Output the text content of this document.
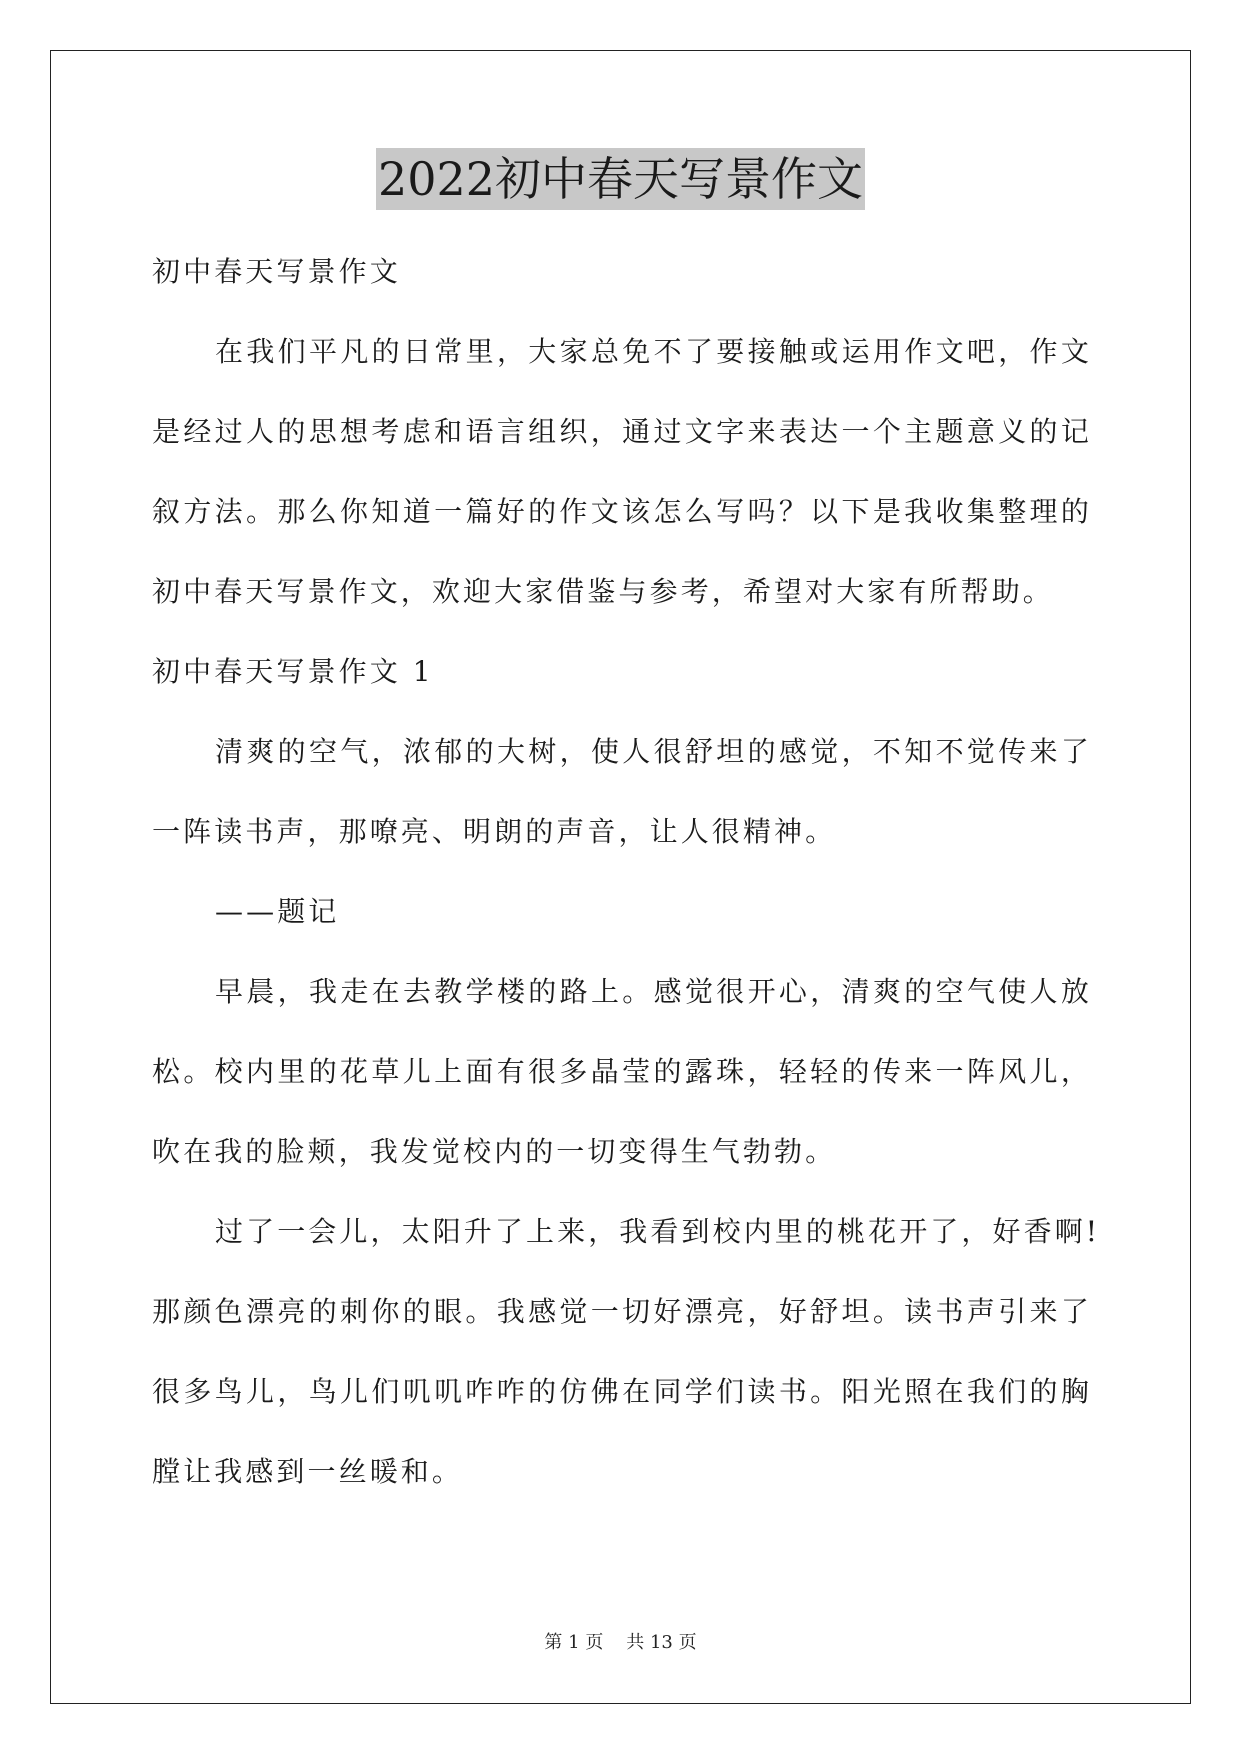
2022初中春天写景作文
初中春天写景作文
在我们平凡的日常里，大家总免不了要接触或运用作文吧，作文
是经过人的思想考虑和语言组织，通过文字来表达一个主题意义的记
叙方法。那么你知道一篇好的作文该怎么写吗？以下是我收集整理的
初中春天写景作文，欢迎大家借鉴与参考，希望对大家有所帮助。
初中春天写景作文 1
清爽的空气，浓郁的大树，使人很舒坦的感觉，不知不觉传来了
一阵读书声，那嘹亮、明朗的声音，让人很精神。
——题记
早晨，我走在去教学楼的路上。感觉很开心，清爽的空气使人放
松。校内里的花草儿上面有很多晶莹的露珠，轻轻的传来一阵风儿，
吹在我的脸颊，我发觉校内的一切变得生气勃勃。
过了一会儿，太阳升了上来，我看到校内里的桃花开了，好香啊!
那颜色漂亮的刺你的眼。我感觉一切好漂亮，好舒坦。读书声引来了
很多鸟儿，鸟儿们叽叽咋咋的仿佛在同学们读书。阳光照在我们的胸
膛让我感到一丝暖和。
第 1 页 共 13 页
